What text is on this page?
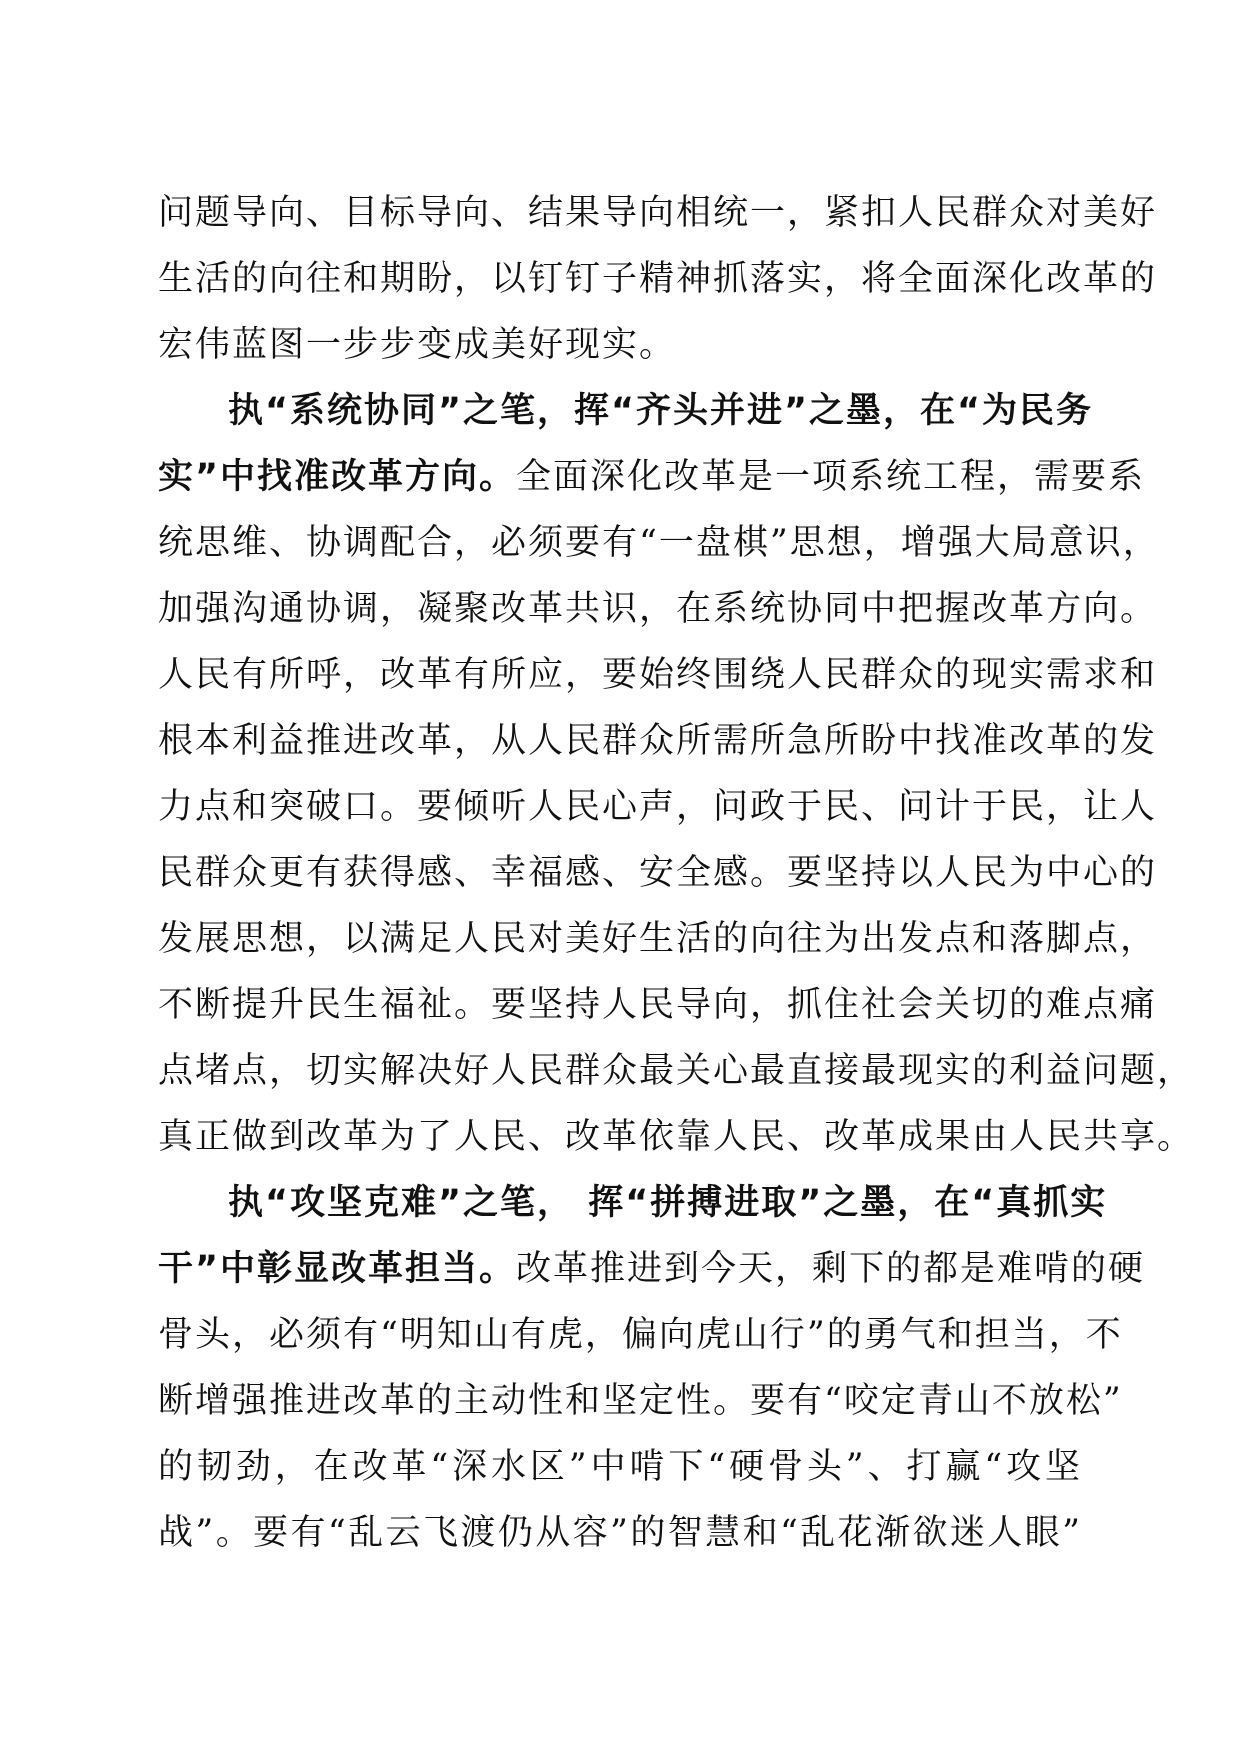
问题导向、目标导向、结果导向相统一，紧扣人民群众对美好
生活的向往和期盼，以钉钉子精神抓落实，将全面深化改革的
宏伟蓝图一步步变成美好现实。
执“系统协同”之笔，挥“齐头并进”之墨，在“为民务
实”中找准改革方向。全面深化改革是一项系统工程，需要系
统思维、协调配合，必须要有“一盘棋”思想，增强大局意识，
加强沟通协调，凝聚改革共识，在系统协同中把握改革方向。
人民有所呼，改革有所应，要始终围绕人民群众的现实需求和
根本利益推进改革，从人民群众所需所急所盼中找准改革的发
力点和突破口。要倾听人民心声，问政于民、问计于民，让人
民群众更有获得感、幸福感、安全感。要坚持以人民为中心的
发展思想，以满足人民对美好生活的向往为出发点和落脚点，
不断提升民生福祉。要坚持人民导向，抓住社会关切的难点痛
点堵点，切实解决好人民群众最关心最直接最现实的利益问题，
真正做到改革为了人民、改革依靠人民、改革成果由人民共享。
执“攻坚克难”之笔， 挥“拼搏进取”之墨，在“真抓实
干”中彰显改革担当。改革推进到今天，剩下的都是难啃的硬
骨头，必须有“明知山有虎，偏向虎山行”的勇气和担当，不
断增强推进改革的主动性和坚定性。要有“咬定青山不放松”
的韧劲，在改革“深水区”中啃下“硬骨头”、打赢“攻坚
战”。要有“乱云飞渡仍从容”的智慧和“乱花渐欲迷人眼”
